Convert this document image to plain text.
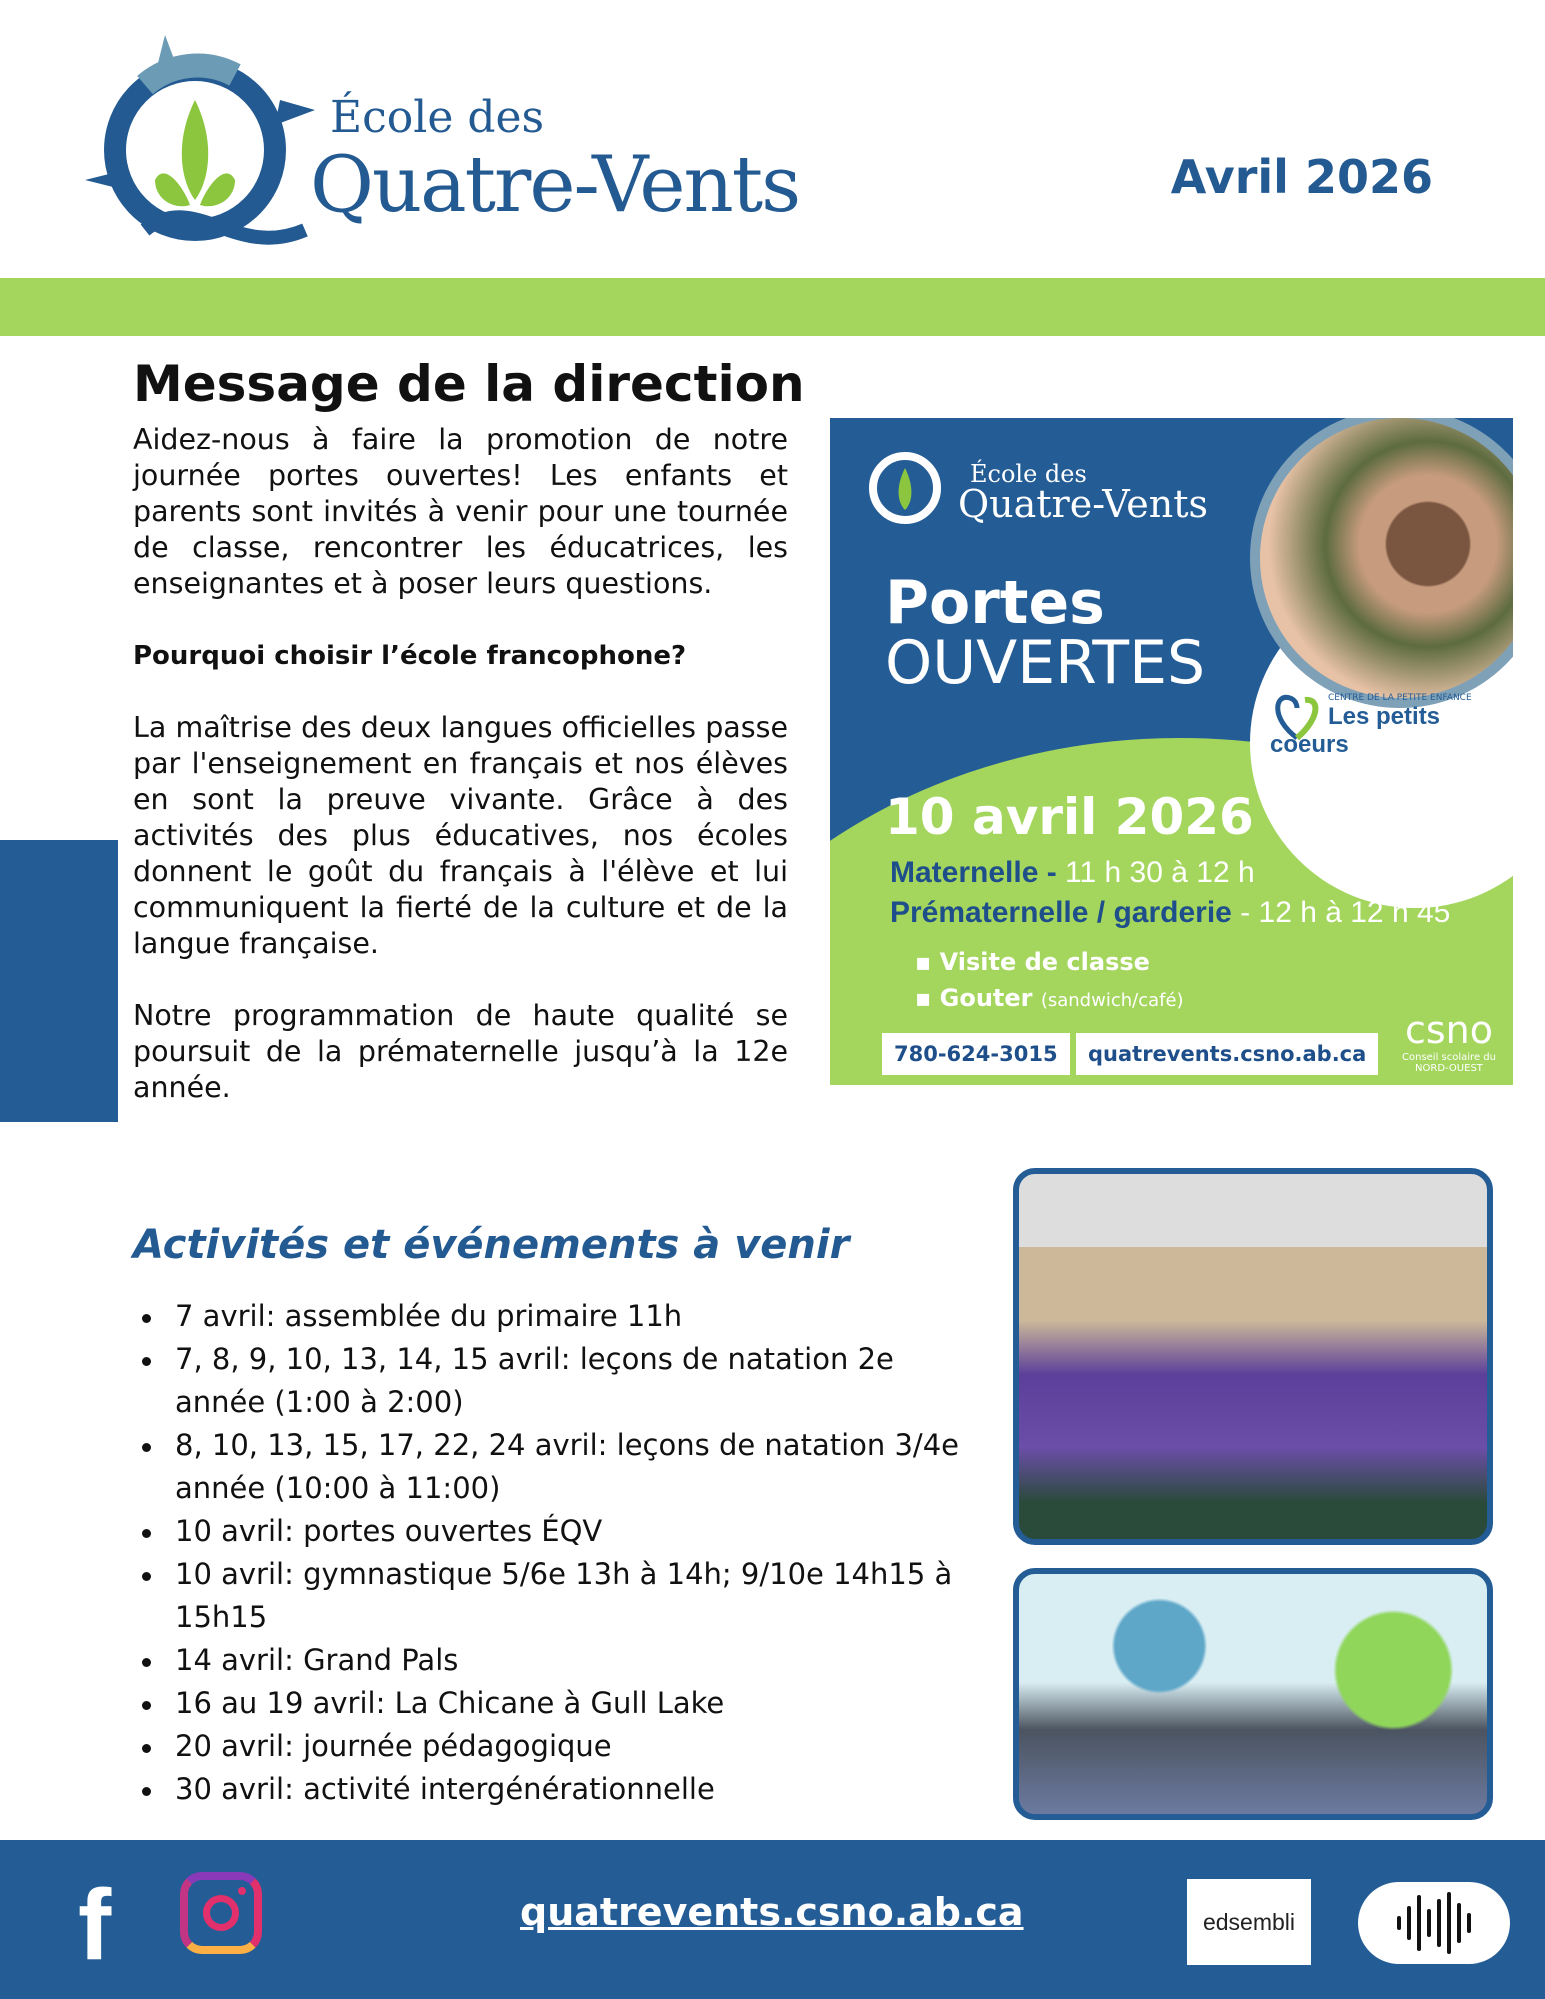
École des
Quatre-Vents	Avril 2026
Message de la direction

Aidez-nous à faire la promotion de notre journée portes ouvertes! Les enfants et parents sont invités à venir pour une tournée de classe, rencontrer les éducatrices, les enseignantes et à poser leurs questions.

Pourquoi choisir l’école francophone?

La maîtrise des deux langues officielles passe par l'enseignement en français et nos élèves en sont la preuve vivante. Grâce à des activités des plus éducatives, nos écoles donnent le goût du français à l'élève et lui communiquent la fierté de la culture et de la langue française.

Notre programmation de haute qualité se poursuit de la prématernelle jusqu’à la 12e année.

École des
Quatre-Vents
Portes
OUVERTES	CENTRE DE LA PETITE ENFANCE
Les petits coeurs
10 avril 2026
Maternelle - 11 h 30 à 12 h
Prématernelle / garderie - 12 h à 12 h 45
▪ Visite de classe
▪ Gouter (sandwich/café)
780-624-3015	quatrevents.csno.ab.ca
csno
Conseil scolaire du
NORD-OUEST
Activités et événements à venir
7 avril: assemblée du primaire 11h
7, 8, 9, 10, 13, 14, 15 avril: leçons de natation 2e année (1:00 à 2:00)
8, 10, 13, 15, 17, 22, 24 avril: leçons de natation 3/4e année (10:00 à 11:00)
10 avril: portes ouvertes ÉQV
10 avril: gymnastique 5/6e 13h à 14h; 9/10e 14h15 à 15h15
14 avril: Grand Pals
16 au 19 avril: La Chicane à Gull Lake
20 avril: journée pédagogique
30 avril: activité intergénérationnelle
f	quatrevents.csno.ab.ca	edsembli
